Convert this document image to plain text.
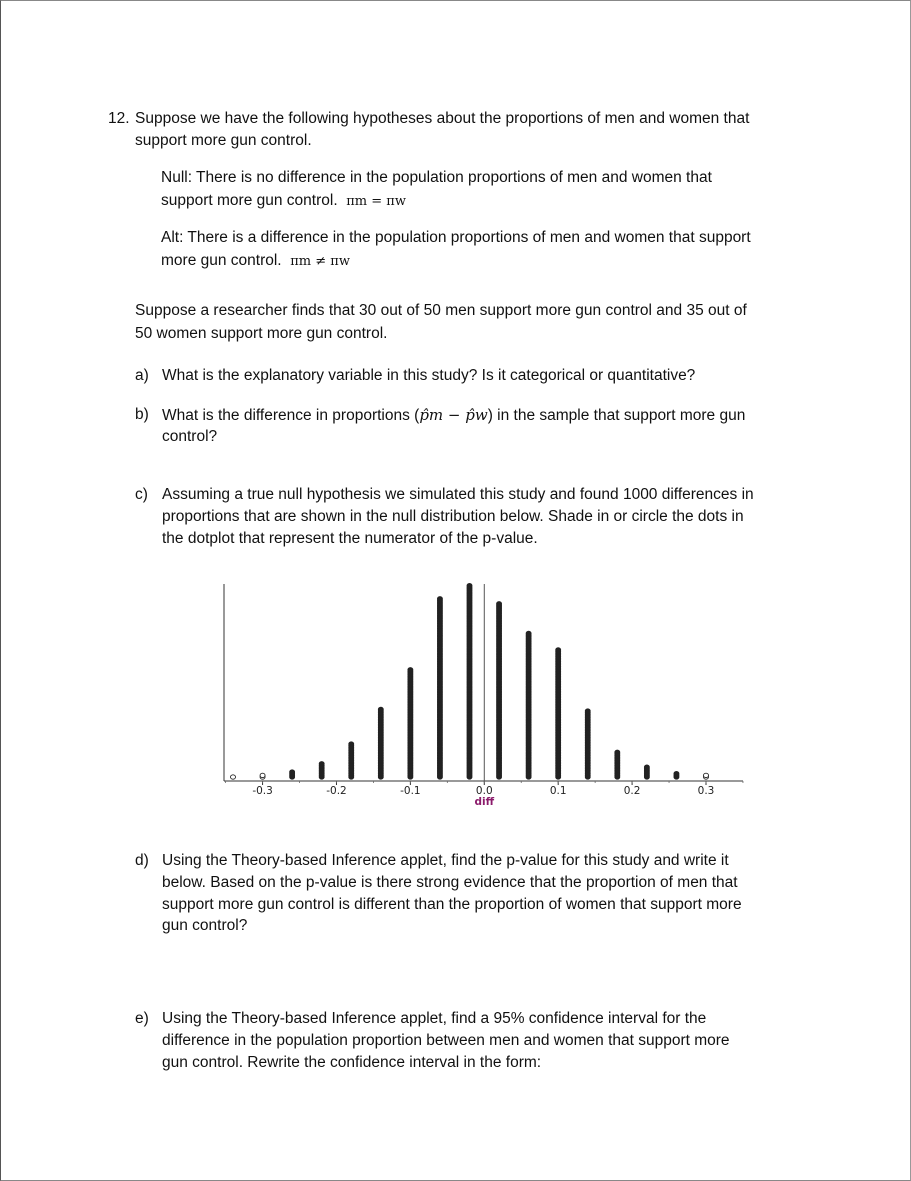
12. Suppose we have the following hypotheses about the proportions of men and women that
support more gun control.
Null: There is no difference in the population proportions of men and women that
support more gun control. πm = πw
Alt: There is a difference in the population proportions of men and women that support
more gun control. πm ≠ πw
Suppose a researcher finds that 30 out of 50 men support more gun control and 35 out of
50 women support more gun control.
a) What is the explanatory variable in this study? Is it categorical or quantitative?
b) What is the difference in proportions (p̂m − p̂w) in the sample that support more gun
control?
c) Assuming a true null hypothesis we simulated this study and found 1000 differences in
proportions that are shown in the null distribution below. Shade in or circle the dots in
the dotplot that represent the numerator of the p-value.
-0.3	-0.2	-0.1	0.0	0.1	0.2	0.3
diff
d) Using the Theory-based Inference applet, find the p-value for this study and write it
below. Based on the p-value is there strong evidence that the proportion of men that
support more gun control is different than the proportion of women that support more
gun control?
e) Using the Theory-based Inference applet, find a 95% confidence interval for the
difference in the population proportion between men and women that support more
gun control. Rewrite the confidence interval in the form:
